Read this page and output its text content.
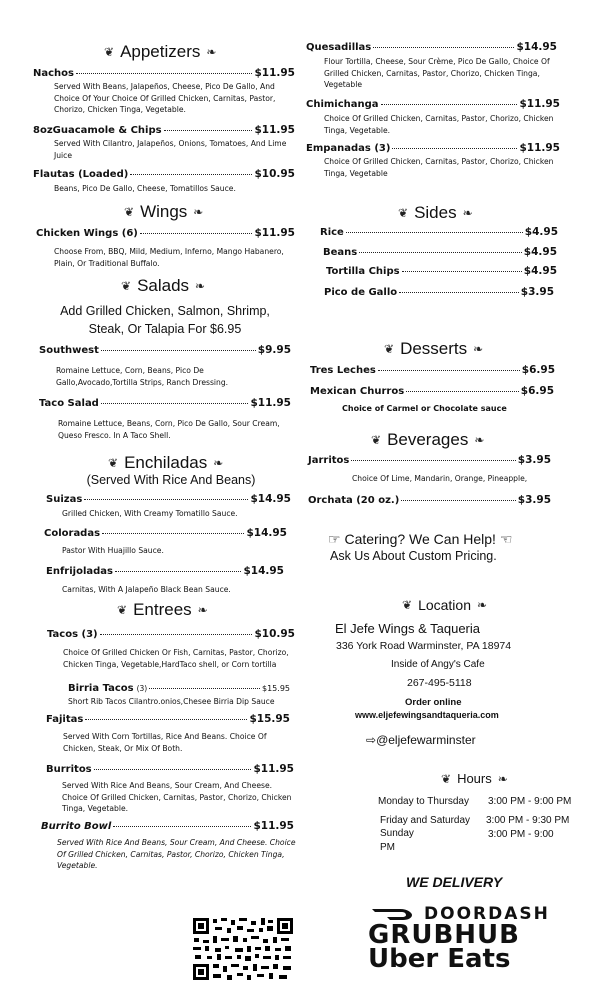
❦ Appetizers ❧
Nachos	$11.95
Served With Beans, Jalapeños, Cheese, Pico De Gallo, And Choice Of Your Choice Of Grilled Chicken, Carnitas, Pastor, Chorizo, Chicken Tinga, Vegetable.
8ozGuacamole & Chips	$11.95
Served With Cilantro, Jalapeños, Onions, Tomatoes, And Lime Juice
Flautas (Loaded)	$10.95
Beans, Pico De Gallo, Cheese, Tomatillos Sauce.
❦ Wings ❧
Chicken Wings (6)	$11.95
Choose From, BBQ, Mild, Medium, Inferno, Mango Habanero, Plain, Or Traditional Buffalo.
❦ Salads ❧
Add Grilled Chicken, Salmon, Shrimp, Steak, Or Talapia For $6.95
Southwest	$9.95
Romaine Lettuce, Corn, Beans, Pico De Gallo,Avocado,Tortilla Strips, Ranch Dressing.
Taco Salad	$11.95
Romaine Lettuce, Beans, Corn, Pico De Gallo, Sour Cream, Queso Fresco. In A Taco Shell.
❦ Enchiladas ❧
(Served With Rice And Beans)
Suizas	$14.95
Grilled Chicken, With Creamy Tomatillo Sauce.
Coloradas	$14.95
Pastor With Huajillo Sauce.
Enfrijoladas	$14.95
Carnitas, With A Jalapeño Black Bean Sauce.
❦ Entrees ❧
Tacos (3)	$10.95
Choice Of Grilled Chicken Or Fish, Carnitas, Pastor, Chorizo, Chicken Tinga, Vegetable,HardTaco shell, or Corn tortilla
Birria Tacos (3)	$15.95
Short Rib Tacos Cilantro.onios,Chesee Birria Dip Sauce
Fajitas	$15.95
Served With Corn Tortillas, Rice And Beans. Choice Of Chicken, Steak, Or Mix Of Both.
Burritos	$11.95
Served With Rice And Beans, Sour Cream, And Cheese. Choice Of Grilled Chicken, Carnitas, Pastor, Chorizo, Chicken Tinga, Vegetable.
Burrito Bowl	$11.95
Served With Rice And Beans, Sour Cream, And Cheese. Choice Of Grilled Chicken, Carnitas, Pastor, Chorizo, Chicken Tinga, Vegetable.
Quesadillas	$14.95
Flour Tortilla, Cheese, Sour Crème, Pico De Gallo, Choice Of Grilled Chicken, Carnitas, Pastor, Chorizo, Chicken Tinga, Vegetable
Chimichanga	$11.95
Choice Of Grilled Chicken, Carnitas, Pastor, Chorizo, Chicken Tinga, Vegetable.
Empanadas (3)	$11.95
Choice Of Grilled Chicken, Carnitas, Pastor, Chorizo, Chicken Tinga, Vegetable
❦ Sides ❧
Rice	$4.95
Beans	$4.95
Tortilla Chips	$4.95
Pico de Gallo	$3.95
❦ Desserts ❧
Tres Leches	$6.95
Mexican Churros	$6.95
Choice of Carmel or Chocolate sauce
❦ Beverages ❧
Jarritos	$3.95
Choice Of Lime, Mandarin, Orange, Pineapple,
Orchata (20 oz.)	$3.95
☞ Catering? We Can Help! ☜
Ask Us About Custom Pricing.
❦ Location ❧
El Jefe Wings & Taqueria
336 York Road Warminster, PA 18974
Inside of Angy's Cafe
267-495-5118
Order online
www.eljefewingsandtaqueria.com
⇨@eljefewarminster
❦ Hours ❧
Monday to Thursday 3:00 PM - 9:00 PM
Friday and Saturday 3:00 PM - 9:30 PM
Sunday	3:00 PM - 9:00
PM
WE DELIVERY
DOORDASH
GRUBHUB
Uber Eats
